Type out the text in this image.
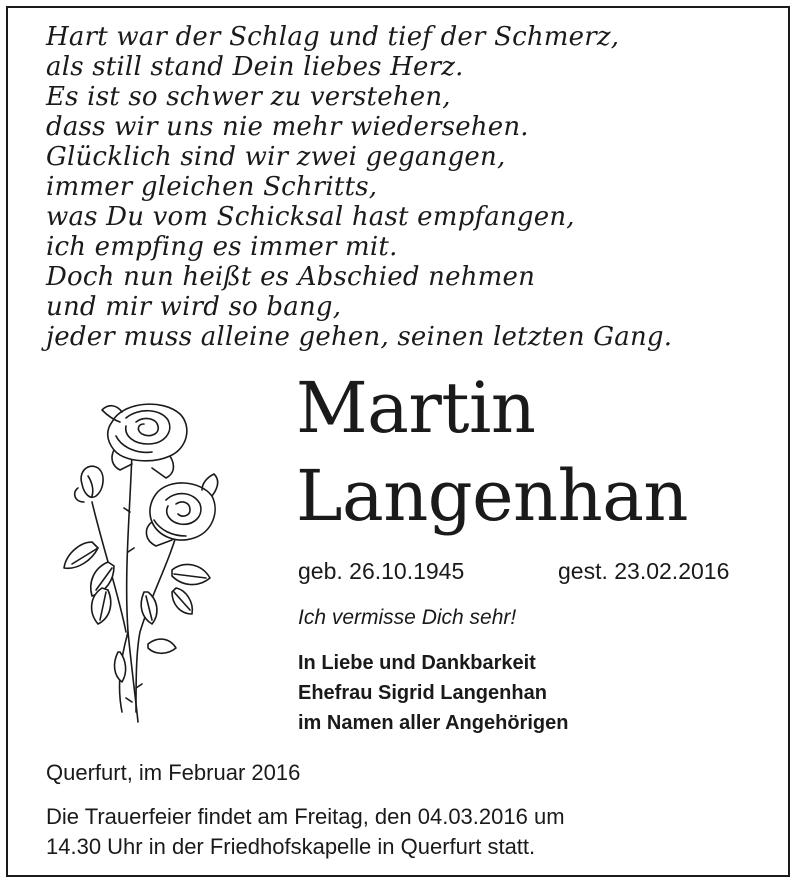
Hart war der Schlag und tief der Schmerz,
als still stand Dein liebes Herz.
Es ist so schwer zu verstehen,
dass wir uns nie mehr wiedersehen.
Glücklich sind wir zwei gegangen,
immer gleichen Schritts,
was Du vom Schicksal hast empfangen,
ich empfing es immer mit.
Doch nun heißt es Abschied nehmen
und mir wird so bang,
jeder muss alleine gehen, seinen letzten Gang.
Martin
Langenhan
geb. 26.10.1945	gest. 23.02.2016
Ich vermisse Dich sehr!
In Liebe und Dankbarkeit
Ehefrau Sigrid Langenhan
im Namen aller Angehörigen
Querfurt, im Februar 2016
Die Trauerfeier findet am Freitag, den 04.03.2016 um
14.30 Uhr in der Friedhofskapelle in Querfurt statt.
